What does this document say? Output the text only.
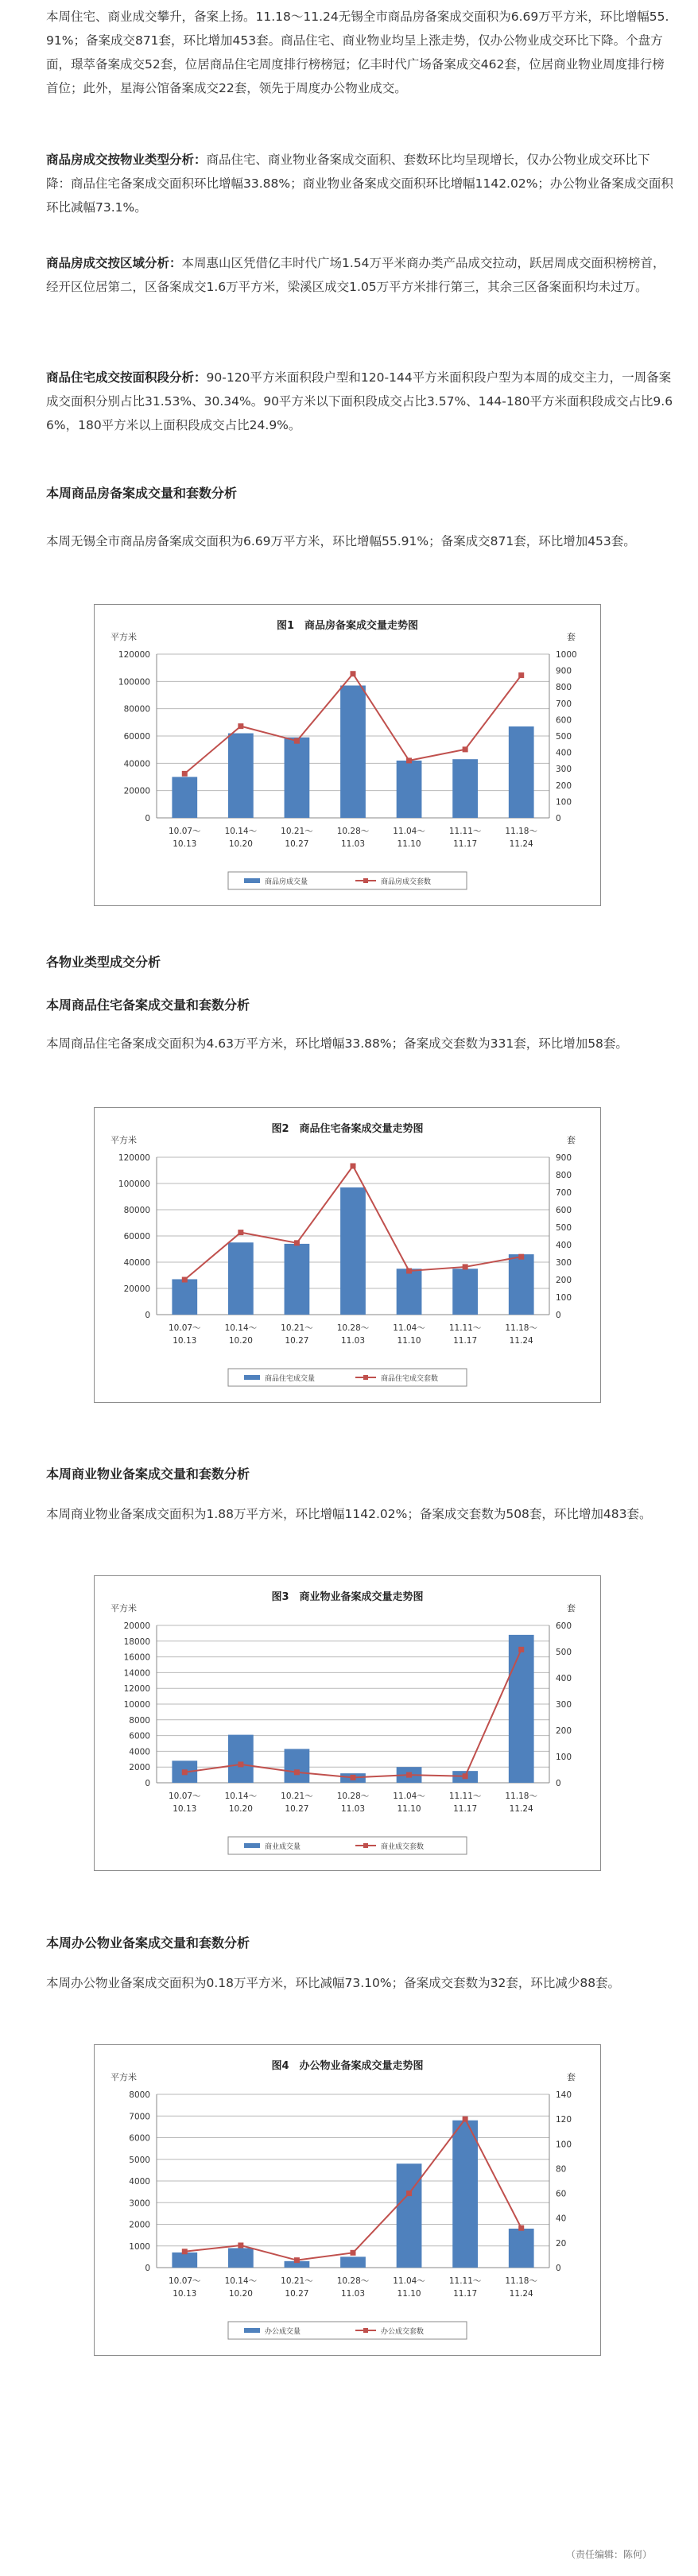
本周住宅、商业成交攀升，备案上扬。11.18～11.24无锡全市商品房备案成交面积为6.69万平方米，环比增幅55.91%；备案成交871套，环比增加453套。商品住宅、商业物业均呈上涨走势，仅办公物业成交环比下降。个盘方面，璟萃备案成交52套，位居商品住宅周度排行榜榜冠；亿丰时代广场备案成交462套，位居商业物业周度排行榜首位；此外，星海公馆备案成交22套，领先于周度办公物业成交。

商品房成交按物业类型分析：商品住宅、商业物业备案成交面积、套数环比均呈现增长，仅办公物业成交环比下降：商品住宅备案成交面积环比增幅33.88%；商业物业备案成交面积环比增幅1142.02%；办公物业备案成交面积环比减幅73.1%。

商品房成交按区域分析：本周惠山区凭借亿丰时代广场1.54万平米商办类产品成交拉动，跃居周成交面积榜榜首，经开区位居第二，区备案成交1.6万平方米，梁溪区成交1.05万平方米排行第三，其余三区备案面积均未过万。

商品住宅成交按面积段分析：90-120平方米面积段户型和120-144平方米面积段户型为本周的成交主力，一周备案成交面积分别占比31.53%、30.34%。90平方米以下面积段成交占比3.57%、144-180平方米面积段成交占比9.66%，180平方米以上面积段成交占比24.9%。

本周商品房备案成交量和套数分析

本周无锡全市商品房备案成交面积为6.69万平方米，环比增幅55.91%；备案成交871套，环比增加453套。

图1　商品房备案成交量走势图
平方米	套
0
20000
40000
60000
80000
100000
120000
0
100
200
300
400
500
600
700
800
900
1000
10.07～
10.13
10.14～
10.20
10.21～
10.27
10.28～
11.03
11.04～
11.10
11.11～
11.17
11.18～
11.24
商品房成交量	商品房成交套数

各物业类型成交分析

本周商品住宅备案成交量和套数分析

本周商品住宅备案成交面积为4.63万平方米，环比增幅33.88%；备案成交套数为331套，环比增加58套。

图2　商品住宅备案成交量走势图
平方米	套
0
20000
40000
60000
80000
100000
120000
0
100
200
300
400
500
600
700
800
900
10.07～
10.13
10.14～
10.20
10.21～
10.27
10.28～
11.03
11.04～
11.10
11.11～
11.17
11.18～
11.24
商品住宅成交量	商品住宅成交套数

本周商业物业备案成交量和套数分析

本周商业物业备案成交面积为1.88万平方米，环比增幅1142.02%；备案成交套数为508套，环比增加483套。

图3　商业物业备案成交量走势图
平方米	套
0
2000
4000
6000
8000
10000
12000
14000
16000
18000
20000
0
100
200
300
400
500
600
10.07～
10.13
10.14～
10.20
10.21～
10.27
10.28～
11.03
11.04～
11.10
11.11～
11.17
11.18～
11.24
商业成交量	商业成交套数

本周办公物业备案成交量和套数分析

本周办公物业备案成交面积为0.18万平方米，环比减幅73.10%；备案成交套数为32套，环比减少88套。

图4　办公物业备案成交量走势图
平方米	套
0
1000
2000
3000
4000
5000
6000
7000
8000
0
20
40
60
80
100
120
140
10.07～
10.13
10.14～
10.20
10.21～
10.27
10.28～
11.03
11.04～
11.10
11.11～
11.17
11.18～
11.24
办公成交量	办公成交套数
（责任编辑：陈何）
